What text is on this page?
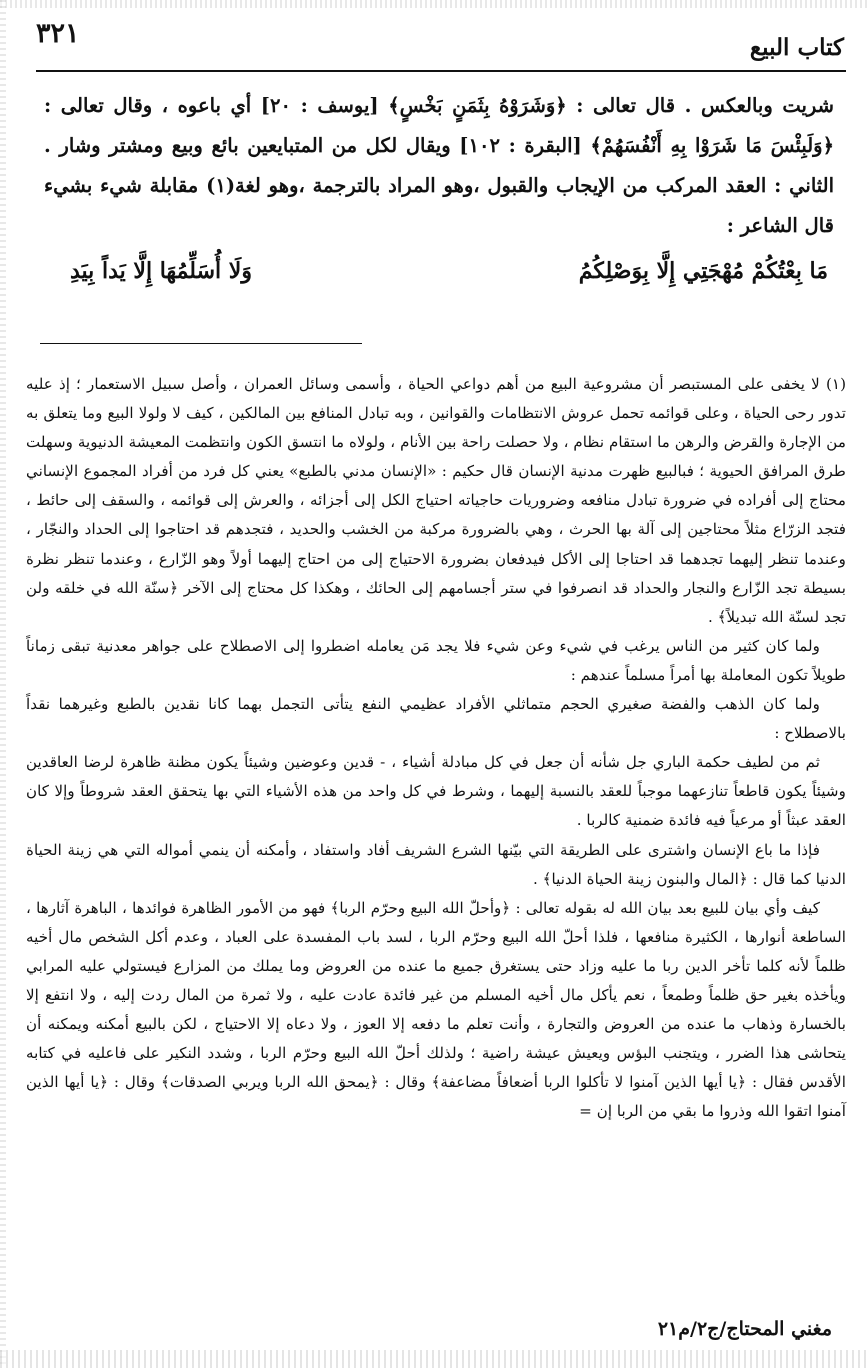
كتاب البيع
٣٢١

شريت وبالعكس . قال تعالى : ﴿وَشَرَوْهُ بِثَمَنٍ بَخْسٍ﴾ [يوسف : ٢٠] أي باعوه ، وقال تعالى : ﴿وَلَبِئْسَ مَا شَرَوْا بِهِ أَنْفُسَهُمْ﴾ [البقرة : ١٠٢] ويقال لكل من المتبايعين بائع وبيع ومشتر وشار . الثاني : العقد المركب من الإيجاب والقبول ،وهو المراد بالترجمة ،وهو لغة(١) مقابلة شيء بشيء قال الشاعر :

مَا بِعْتُكُمْ مُهْجَتِي إِلَّا بِوَصْلِكُمُ
وَلَا أُسَلِّمُهَا إِلَّا يَداً بِيَدِ

(١) لا يخفى على المستبصر أن مشروعية البيع من أهم دواعي الحياة ، وأسمى وسائل العمران ، وأصل سبيل الاستعمار ؛ إذ عليه تدور رحى الحياة ، وعلى قوائمه تحمل عروش الانتظامات والقوانين ، وبه تبادل المنافع بين المالكين ، كيف لا ولولا البيع وما يتعلق به من الإجارة والقرض والرهن ما استقام نظام ، ولا حصلت راحة بين الأنام ، ولولاه ما انتسق الكون وانتظمت المعيشة الدنيوية وسهلت طرق المرافق الحيوية ؛ فبالبيع ظهرت مدنية الإنسان قال حكيم : «الإنسان مدني بالطبع» يعني كل فرد من أفراد المجموع الإنساني محتاج إلى أفراده في ضرورة تبادل منافعه وضروريات حاجياته احتياج الكل إلى أجزائه ، والعرش إلى قوائمه ، والسقف إلى حائط ، فتجد الزرّاع مثلاً محتاجين إلى آلة بها الحرث ، وهي بالضرورة مركبة من الخشب والحديد ، فتجدهم قد احتاجوا إلى الحداد والنجّار ، وعندما تنظر إليهما تجدهما قد احتاجا إلى الأكل فيدفعان بضرورة الاحتياج إلى من احتاج إليهما أولاً وهو الزّارع ، وعندما تنظر نظرة بسيطة تجد الزّارع والنجار والحداد قد انصرفوا في ستر أجسامهم إلى الحائك ، وهكذا كل محتاج إلى الآخر ﴿سنّة الله في خلقه ولن تجد لسنّة الله تبديلاً﴾ .

ولما كان كثير من الناس يرغب في شيء وعن شيء فلا يجد مَن يعامله اضطروا إلى الاصطلاح على جواهر معدنية تبقى زماناً طويلاً تكون المعاملة بها أمراً مسلماً عندهم :

ولما كان الذهب والفضة صغيري الحجم متماثلي الأفراد عظيمي النفع يتأتى التجمل بهما كانا نقدين بالطبع وغيرهما نقداً بالاصطلاح :

ثم من لطيف حكمة الباري جل شأنه أن جعل في كل مبادلة أشياء ، - قدين وعوضين وشيئاً يكون مظنة ظاهرة لرضا العاقدين وشيئاً يكون قاطعاً تنازعهما موجباً للعقد بالنسبة إليهما ، وشرط في كل واحد من هذه الأشياء التي بها يتحقق العقد شروطاً وإلا كان العقد عبثاً أو مرعياً فيه فائدة ضمنية كالربا .

فإذا ما باع الإنسان واشترى على الطريقة التي بيّنها الشرع الشريف أفاد واستفاد ، وأمكنه أن ينمي أمواله التي هي زينة الحياة الدنيا كما قال : ﴿المال والبنون زينة الحياة الدنيا﴾ .

كيف وأي بيان للبيع بعد بيان الله له بقوله تعالى : ﴿وأحلّ الله البيع وحرّم الربا﴾ فهو من الأمور الظاهرة فوائدها ، الباهرة آثارها ، الساطعة أنوارها ، الكثيرة منافعها ، فلذا أحلّ الله البيع وحرّم الربا ، لسد باب المفسدة على العباد ، وعدم أكل الشخص مال أخيه ظلماً لأنه كلما تأخر الدين ربا ما عليه وزاد حتى يستغرق جميع ما عنده من العروض وما يملك من المزارع فيستولي عليه المرابي ويأخذه بغير حق ظلماً وطمعاً ، نعم يأكل مال أخيه المسلم من غير فائدة عادت عليه ، ولا ثمرة من المال ردت إليه ، ولا انتفع إلا بالخسارة وذهاب ما عنده من العروض والتجارة ، وأنت تعلم ما دفعه إلا العوز ، ولا دعاه إلا الاحتياج ، لكن بالبيع أمكنه ويمكنه أن يتحاشى هذا الضرر ، ويتجنب البؤس ويعيش عيشة راضية ؛ ولذلك أحلّ الله البيع وحرّم الربا ، وشدد النكير على فاعليه في كتابه الأقدس فقال : ﴿يا أيها الذين آمنوا لا تأكلوا الربا أضعافاً مضاعفة﴾ وقال : ﴿يمحق الله الربا ويربي الصدقات﴾ وقال : ﴿يا أيها الذين آمنوا اتقوا الله وذروا ما بقي من الربا إن =

مغني المحتاج/ج٢/م٢١
